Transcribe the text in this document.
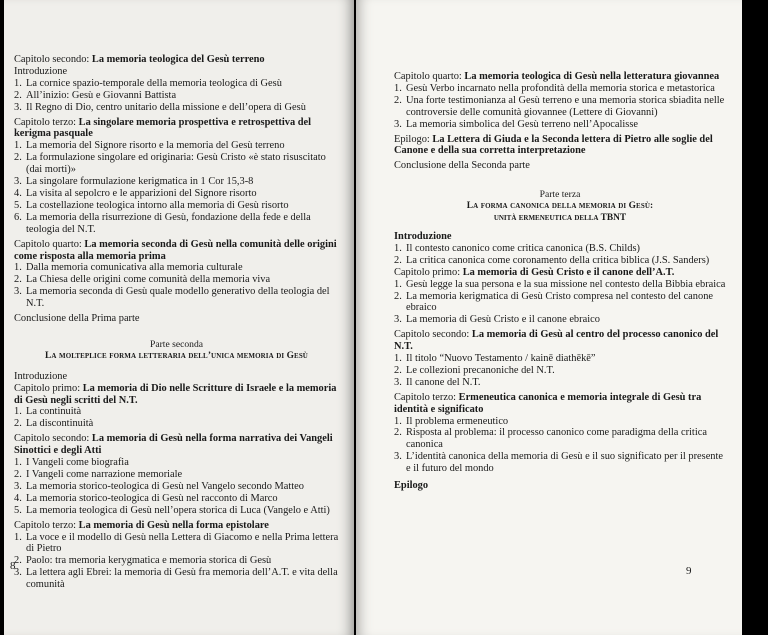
Capitolo secondo: La memoria teologica del Gesù terreno
Introduzione
1. La cornice spazio-temporale della memoria teologica di Gesù
2. All’inizio: Gesù e Giovanni Battista
3. Il Regno di Dio, centro unitario della missione e dell’opera di Gesù
Capitolo terzo: La singolare memoria prospettiva e retrospettiva del kerigma pasquale
1. La memoria del Signore risorto e la memoria del Gesù terreno
2. La formulazione singolare ed originaria: Gesù Cristo «è stato risuscitato (dai morti)»
3. La singolare formulazione kerigmatica in 1 Cor 15,3-8
4. La visita al sepolcro e le apparizioni del Signore risorto
5. La costellazione teologica intorno alla memoria di Gesù risorto
6. La memoria della risurrezione di Gesù, fondazione della fede e della teologia del N.T.
Capitolo quarto: La memoria seconda di Gesù nella comunità delle origini come risposta alla memoria prima
1. Dalla memoria comunicativa alla memoria culturale
2. La Chiesa delle origini come comunità della memoria viva
3. La memoria seconda di Gesù quale modello generativo della teologia del N.T.
Conclusione della Prima parte
Parte seconda
La molteplice forma letteraria dell’unica memoria di Gesù
Introduzione
Capitolo primo: La memoria di Dio nelle Scritture di Israele e la memoria di Gesù negli scritti del N.T.
1. La continuità
2. La discontinuità
Capitolo secondo: La memoria di Gesù nella forma narrativa dei Vangeli Sinottici e degli Atti
1. I Vangeli come biografia
2. I Vangeli come narrazione memoriale
3. La memoria storico-teologica di Gesù nel Vangelo secondo Matteo
4. La memoria storico-teologica di Gesù nel racconto di Marco
5. La memoria teologica di Gesù nell’opera storica di Luca (Vangelo e Atti)
Capitolo terzo: La memoria di Gesù nella forma epistolare
1. La voce e il modello di Gesù nella Lettera di Giacomo e nella Prima lettera di Pietro
2. Paolo: tra memoria kerygmatica e memoria storica di Gesù
3. La lettera agli Ebrei: la memoria di Gesù fra memoria dell’A.T. e vita della comunità
8
Capitolo quarto: La memoria teologica di Gesù nella letteratura giovannea
1. Gesù Verbo incarnato nella profondità della memoria storica e metastorica
2. Una forte testimonianza al Gesù terreno e una memoria storica sbiadita nelle controversie delle comunità giovannee (Lettere di Giovanni)
3. La memoria simbolica del Gesù terreno nell’Apocalisse
Epilogo: La Lettera di Giuda e la Seconda lettera di Pietro alle soglie del Canone e della sua corretta interpretazione
Conclusione della Seconda parte
Parte terza
La forma canonica della memoria di Gesù:
unità ermeneutica della TBNT
Introduzione
1. Il contesto canonico come critica canonica (B.S. Childs)
2. La critica canonica come coronamento della critica biblica (J.S. Sanders)
Capitolo primo: La memoria di Gesù Cristo e il canone dell’A.T.
1. Gesù legge la sua persona e la sua missione nel contesto della Bibbia ebraica
2. La memoria kerigmatica di Gesù Cristo compresa nel contesto del canone ebraico
3. La memoria di Gesù Cristo e il canone ebraico
Capitolo secondo: La memoria di Gesù al centro del processo canonico del N.T.
1. Il titolo “Nuovo Testamento / kainē diathēkē”
2. Le collezioni precanoniche del N.T.
3. Il canone del N.T.
Capitolo terzo: Ermeneutica canonica e memoria integrale di Gesù tra identità e significato
1. Il problema ermeneutico
2. Risposta al problema: il processo canonico come paradigma della critica canonica
3. L’identità canonica della memoria di Gesù e il suo significato per il presente e il futuro del mondo
Epilogo
9
